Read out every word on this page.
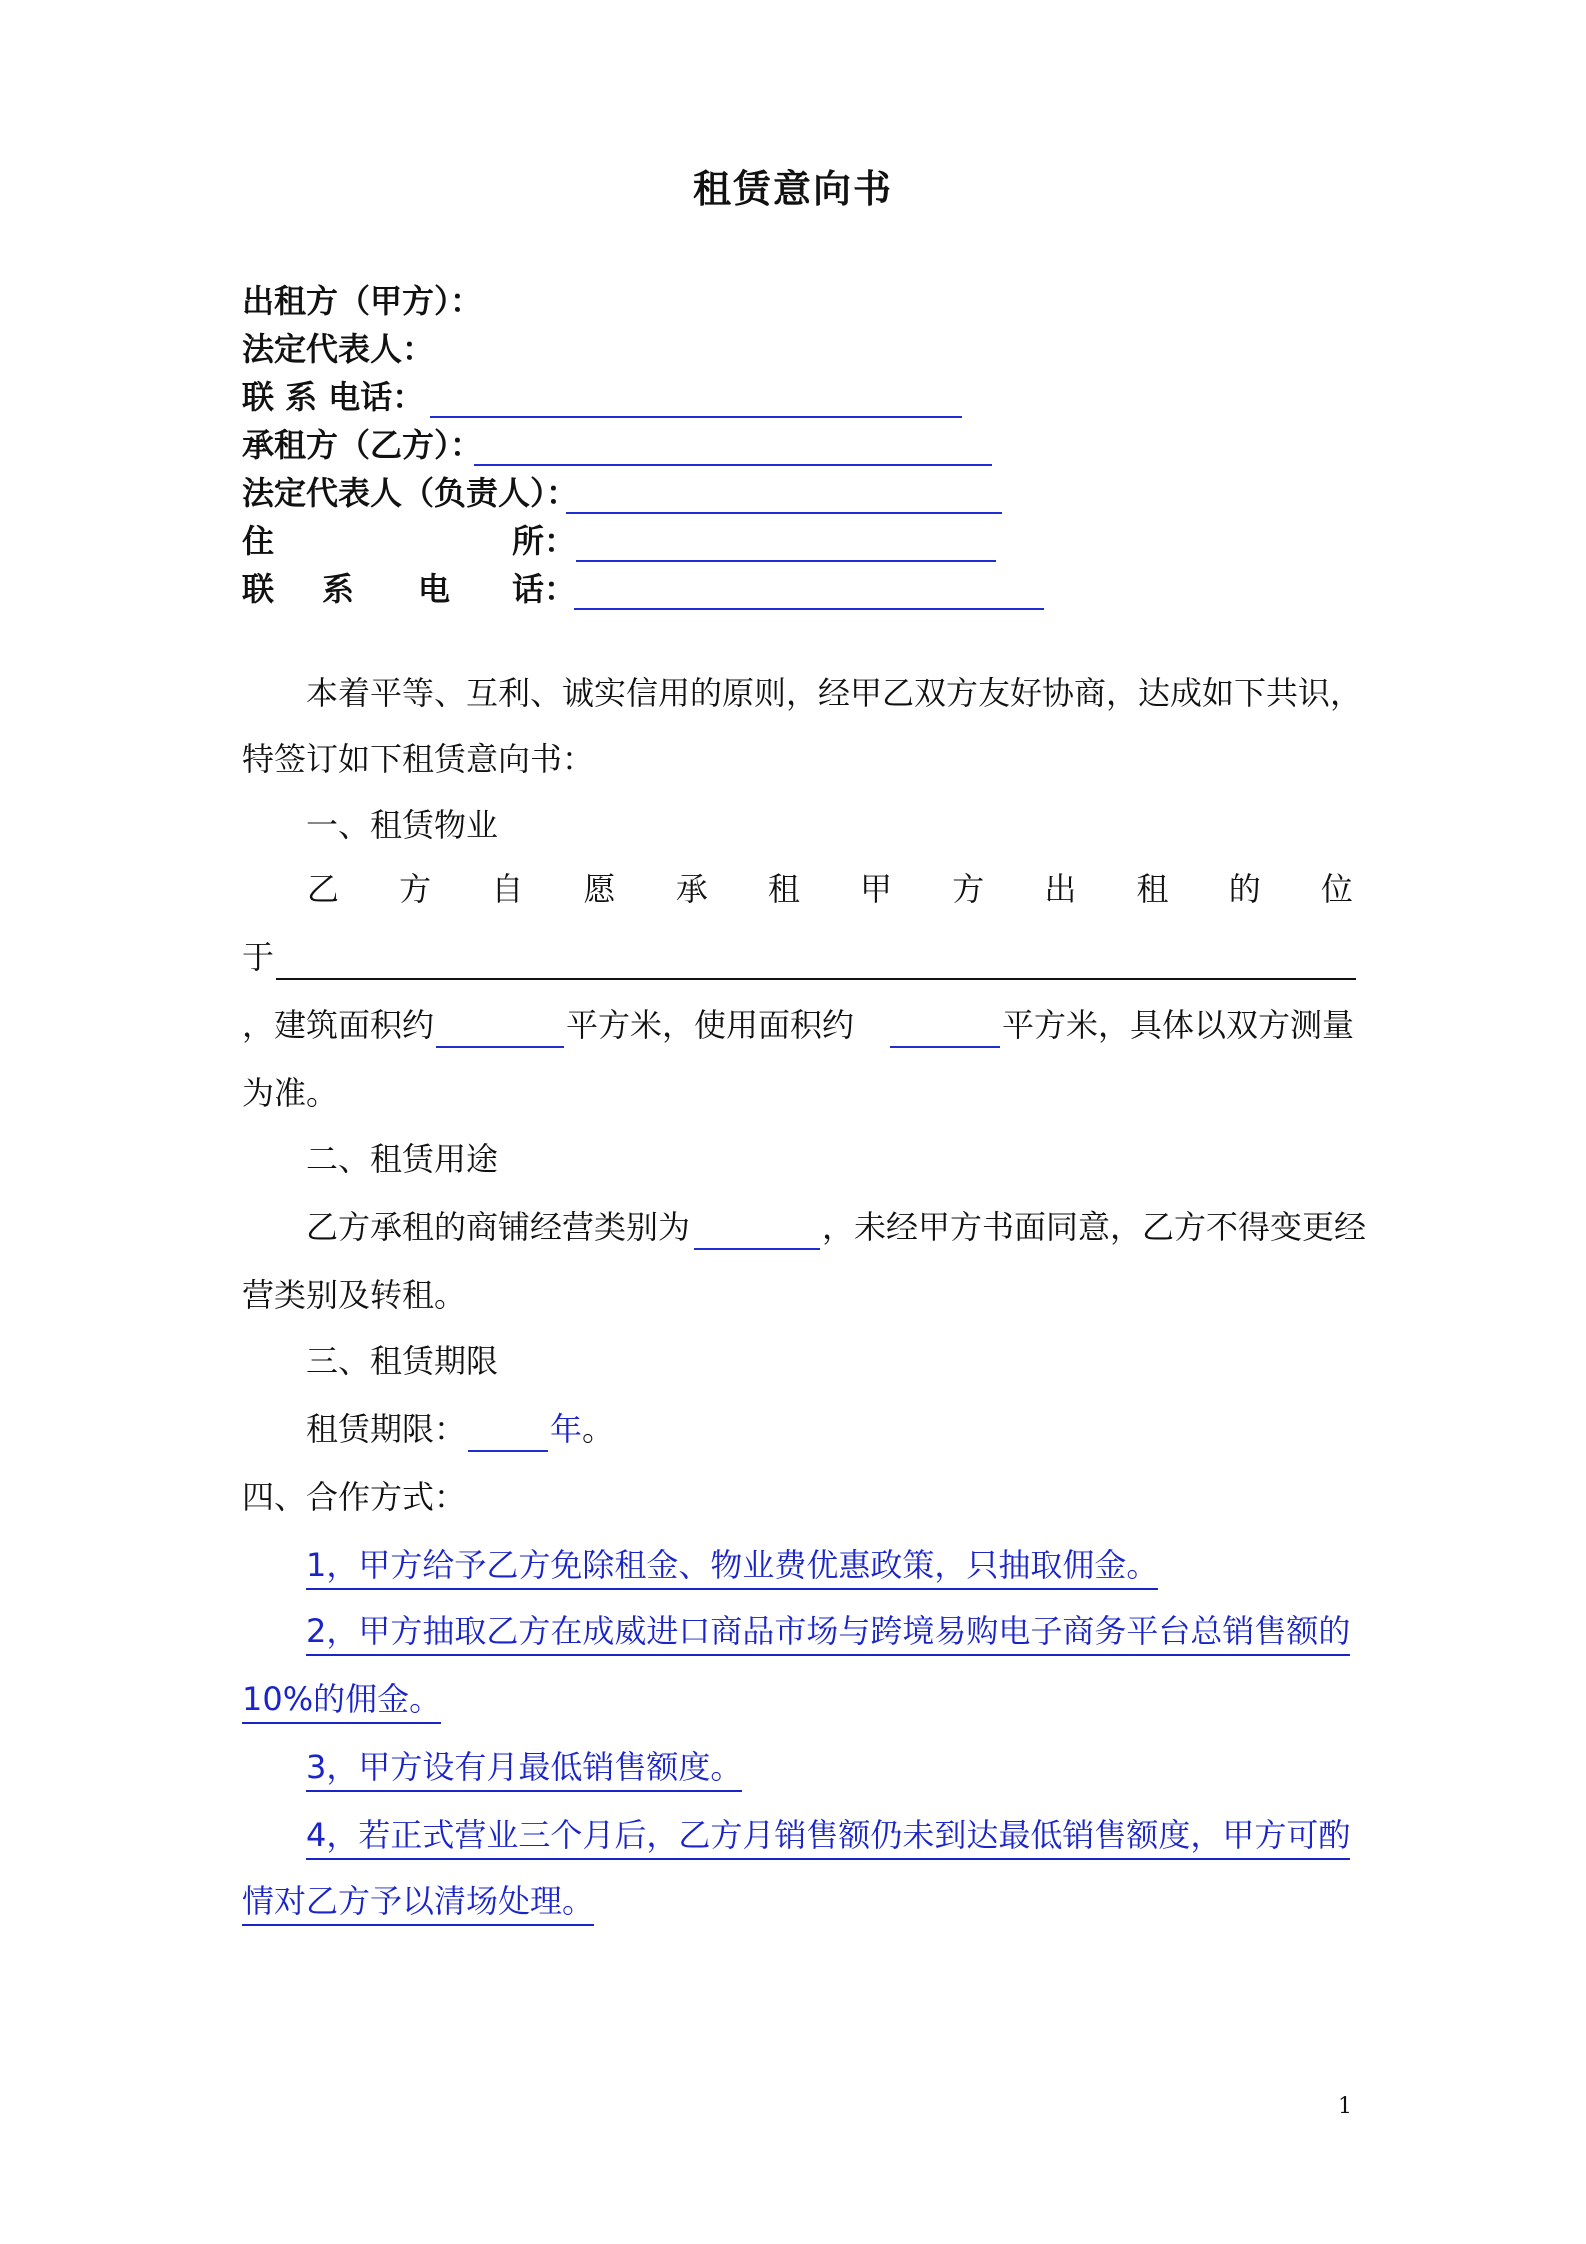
租赁意向书
出租方（甲方）：
法定代表人：
联 系 电话：
承租方（乙方）：
法定代表人（负责人）：
住	所：
联 系 电 话：
本着平等、互利、诚实信用的原则，经甲乙双方友好协商，达成如下共识，
特签订如下租赁意向书：
一、租赁物业
乙 方 自 愿 承 租 甲 方 出 租 的 位
于
，建筑面积约	平方米，使用面积约	平方米，具体以双方测量
为准。
二、租赁用途
乙方承租的商铺经营类别为	，未经甲方书面同意，乙方不得变更经
营类别及转租。
三、租赁期限
租赁期限：	年 。
四、合作方式：
1，甲方给予乙方免除租金、物业费优惠政策，只抽取佣金。
2，甲方抽取乙方在成威进口商品市场与跨境易购电子商务平台总销售额的
10%的佣金。
3，甲方设有月最低销售额度。
4，若正式营业三个月后，乙方月销售额仍未到达最低销售额度，甲方可酌
情对乙方予以清场处理。
1
